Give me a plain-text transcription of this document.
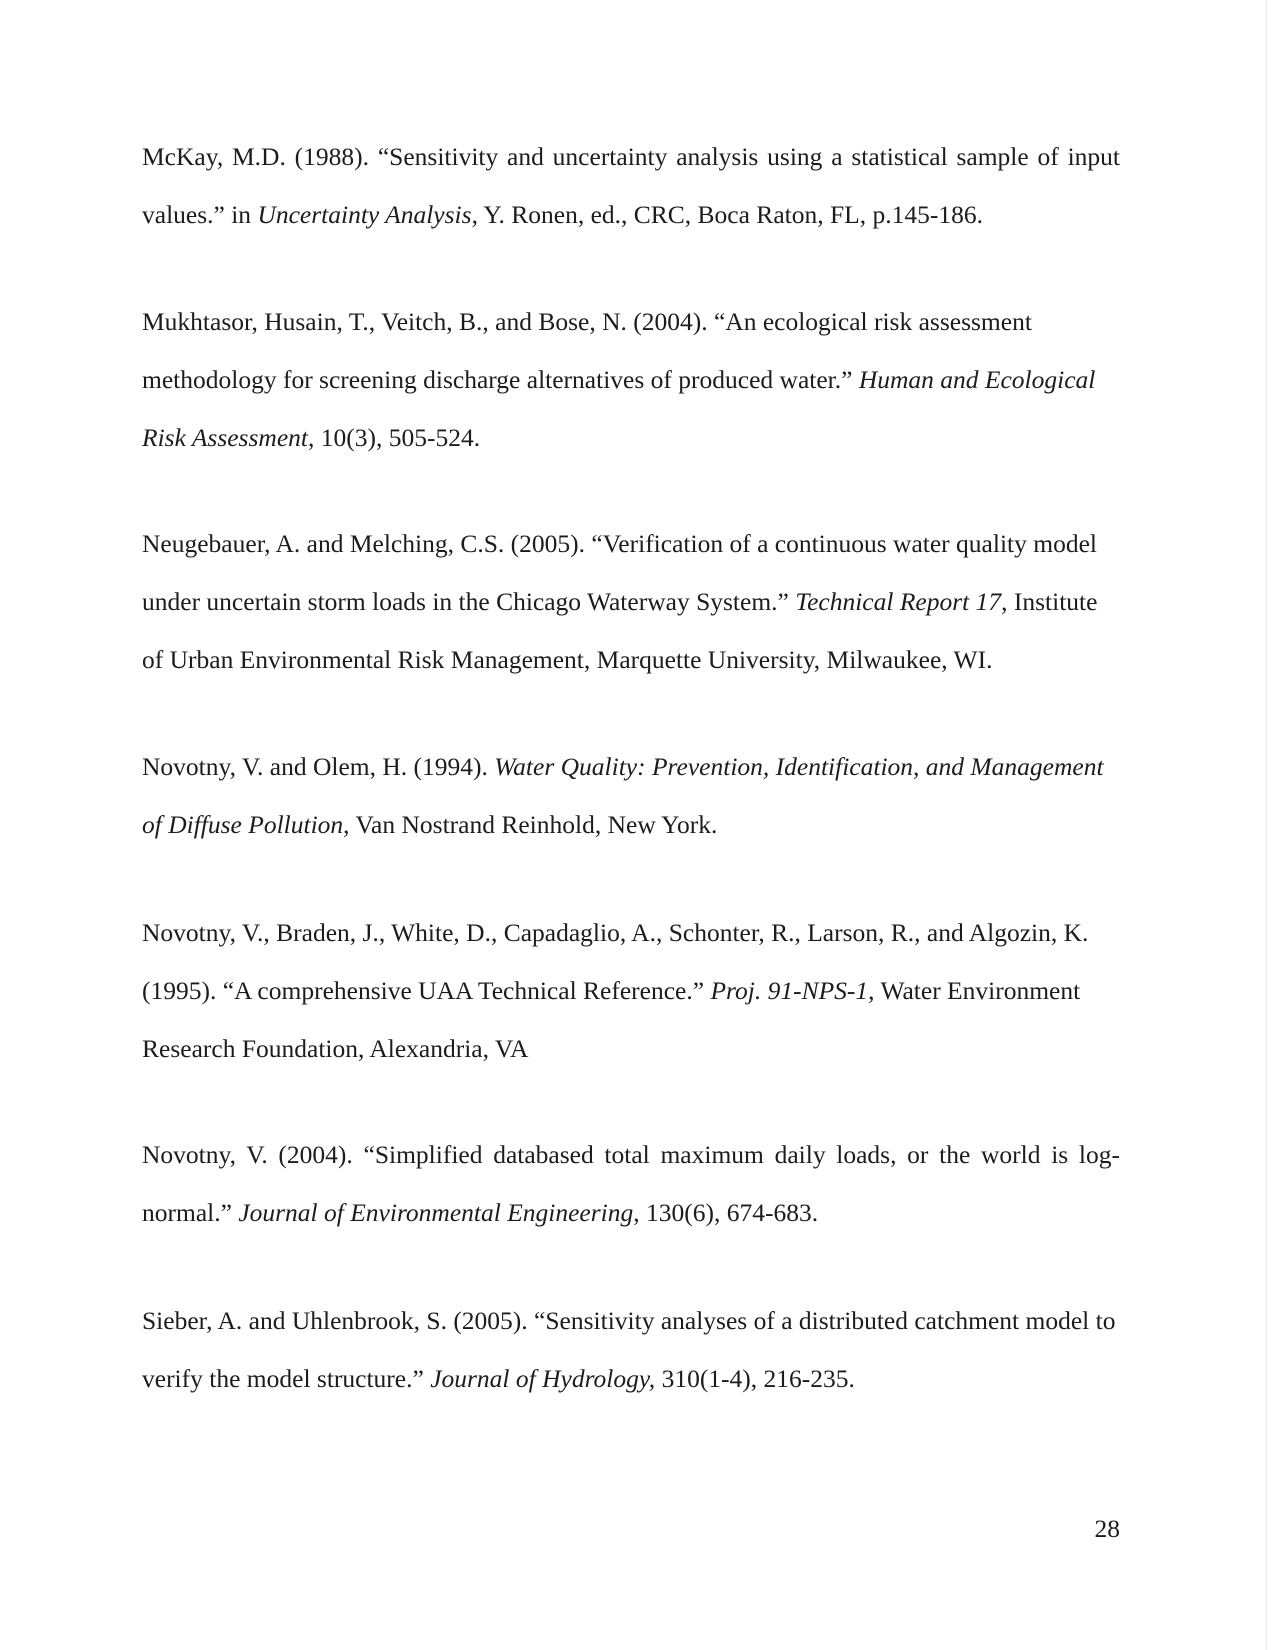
McKay, M.D. (1988). “Sensitivity and uncertainty analysis using a statistical sample of input values.” in Uncertainty Analysis, Y. Ronen, ed., CRC, Boca Raton, FL, p.145-186.

Mukhtasor, Husain, T., Veitch, B., and Bose, N. (2004). “An ecological risk assessment methodology for screening discharge alternatives of produced water.” Human and Ecological Risk Assessment, 10(3), 505-524.

Neugebauer, A. and Melching, C.S. (2005). “Verification of a continuous water quality model under uncertain storm loads in the Chicago Waterway System.” Technical Report 17, Institute of Urban Environmental Risk Management, Marquette University, Milwaukee, WI.

Novotny, V. and Olem, H. (1994). Water Quality: Prevention, Identification, and Management of Diffuse Pollution, Van Nostrand Reinhold, New York.

Novotny, V., Braden, J., White, D., Capadaglio, A., Schonter, R., Larson, R., and Algozin, K. (1995). “A comprehensive UAA Technical Reference.” Proj. 91-NPS-1, Water Environment Research Foundation, Alexandria, VA

Novotny, V. (2004). “Simplified databased total maximum daily loads, or the world is log-normal.” Journal of Environmental Engineering, 130(6), 674-683.

Sieber, A. and Uhlenbrook, S. (2005). “Sensitivity analyses of a distributed catchment model to verify the model structure.” Journal of Hydrology, 310(1-4), 216-235.

28
